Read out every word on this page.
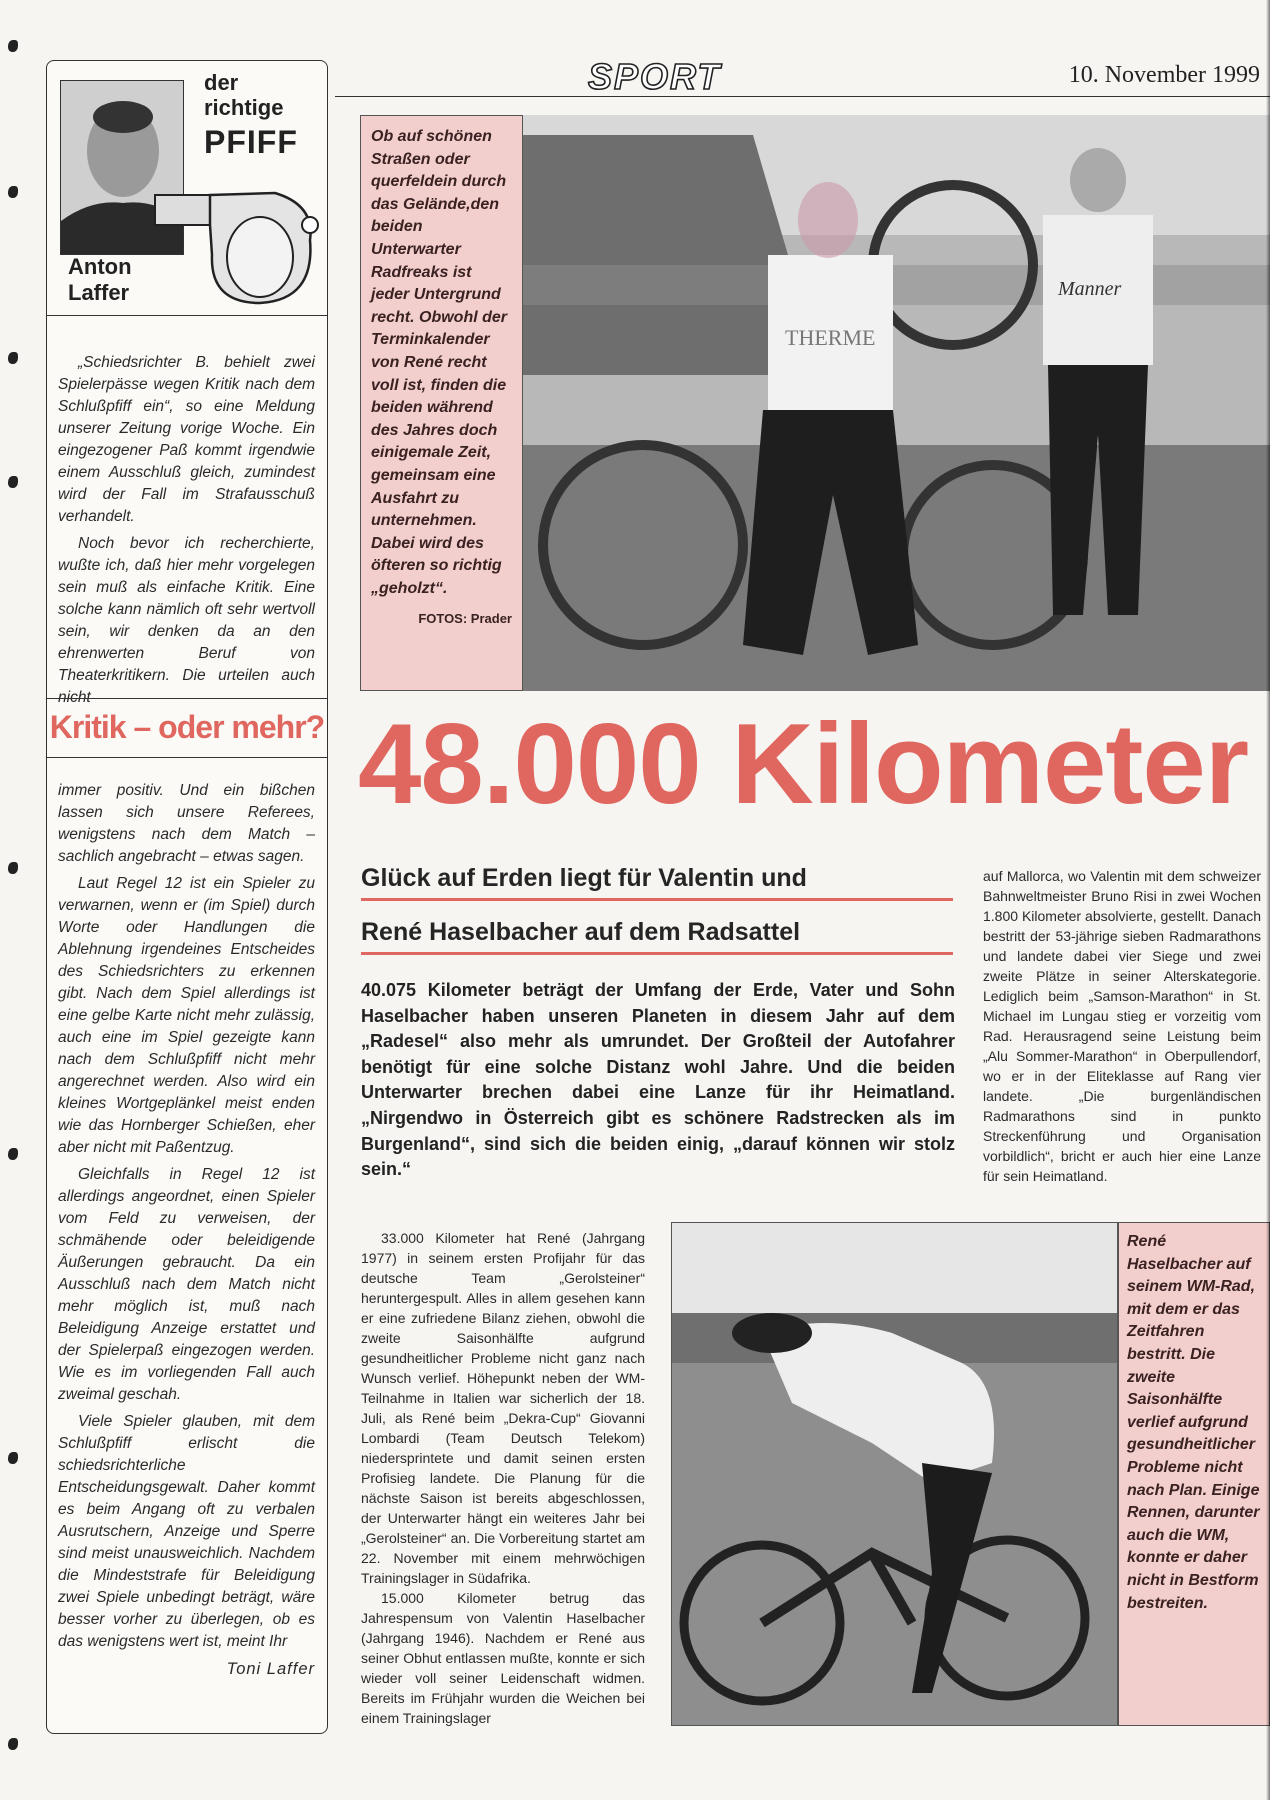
der
richtige
PFIFF
Anton
Laffer

„Schiedsrichter B. behielt zwei Spielerpässe wegen Kritik nach dem Schlußpfiff ein“, so eine Meldung unserer Zeitung vorige Woche. Ein eingezogener Paß kommt irgendwie einem Ausschluß gleich, zumindest wird der Fall im Strafausschuß verhandelt.

Noch bevor ich recherchierte, wußte ich, daß hier mehr vorgelegen sein muß als einfache Kritik. Eine solche kann nämlich oft sehr wertvoll sein, wir denken da an den ehrenwerten Beruf von Theaterkritikern. Die urteilen auch nicht

Kritik – oder mehr?

immer positiv. Und ein bißchen lassen sich unsere Referees, wenigstens nach dem Match – sachlich angebracht – etwas sagen.

Laut Regel 12 ist ein Spieler zu verwarnen, wenn er (im Spiel) durch Worte oder Handlungen die Ablehnung irgendeines Entscheides des Schiedsrichters zu erkennen gibt. Nach dem Spiel allerdings ist eine gelbe Karte nicht mehr zulässig, auch eine im Spiel gezeigte kann nach dem Schlußpfiff nicht mehr angerechnet werden. Also wird ein kleines Wortgeplänkel meist enden wie das Hornberger Schießen, eher aber nicht mit Paßentzug.

Gleichfalls in Regel 12 ist allerdings angeordnet, einen Spieler vom Feld zu verweisen, der schmähende oder beleidigende Äußerungen gebraucht. Da ein Ausschluß nach dem Match nicht mehr möglich ist, muß nach Beleidigung Anzeige erstattet und der Spielerpaß eingezogen werden. Wie es im vorliegenden Fall auch zweimal geschah.

Viele Spieler glauben, mit dem Schlußpfiff erlischt die schiedsrichterliche Entscheidungsgewalt. Daher kommt es beim Angang oft zu verbalen Ausrutschern, Anzeige und Sperre sind meist unausweichlich. Nachdem die Mindeststrafe für Beleidigung zwei Spiele unbedingt beträgt, wäre besser vorher zu überlegen, ob es das wenigstens wert ist, meint Ihr

Toni Laffer
SPORT	10. November 1999
Ob auf schönen Straßen oder querfeldein durch das Gelände,den beiden Unterwarter Radfreaks ist jeder Untergrund recht. Obwohl der Terminkalender von René recht voll ist, finden die beiden während des Jahres doch einigemale Zeit, gemeinsam eine Ausfahrt zu unternehmen. Dabei wird des öfteren so richtig „geholzt“.
FOTOS: Prader
THERME
Manner
48.000 Kilometer
Glück auf Erden liegt für Valentin und
René Haselbacher auf dem Radsattel
40.075 Kilometer beträgt der Umfang der Erde, Vater und Sohn Haselbacher haben unseren Planeten in diesem Jahr auf dem „Radesel“ also mehr als umrundet. Der Großteil der Autofahrer benötigt für eine solche Distanz wohl Jahre. Und die beiden Unterwarter brechen dabei eine Lanze für ihr Heimatland. „Nirgendwo in Österreich gibt es schönere Radstrecken als im Burgenland“, sind sich die beiden einig, „darauf können wir stolz sein.“

auf Mallorca, wo Valentin mit dem schweizer Bahnweltmeister Bruno Risi in zwei Wochen 1.800 Kilometer absolvierte, gestellt. Danach bestritt der 53-jährige sieben Radmarathons und landete dabei vier Siege und zwei zweite Plätze in seiner Alterskategorie. Lediglich beim „Samson-Marathon“ in St. Michael im Lungau stieg er vorzeitig vom Rad. Herausragend seine Leistung beim „Alu Sommer-Marathon“ in Oberpullendorf, wo er in der Eliteklasse auf Rang vier landete. „Die burgenländischen Radmarathons sind in punkto Streckenführung und Organisation vorbildlich“, bricht er auch hier eine Lanze für sein Heimatland.

33.000 Kilometer hat René (Jahrgang 1977) in seinem ersten Profijahr für das deutsche Team „Gerolsteiner“ heruntergespult. Alles in allem gesehen kann er eine zufriedene Bilanz ziehen, obwohl die zweite Saisonhälfte aufgrund gesundheitlicher Probleme nicht ganz nach Wunsch verlief. Höhepunkt neben der WM-Teilnahme in Italien war sicherlich der 18. Juli, als René beim „Dekra-Cup“ Giovanni Lombardi (Team Deutsch Telekom) niedersprintete und damit seinen ersten Profisieg landete. Die Planung für die nächste Saison ist bereits abgeschlossen, der Unterwarter hängt ein weiteres Jahr bei „Gerolsteiner“ an. Die Vorbereitung startet am 22. November mit einem mehrwöchigen Trainingslager in Südafrika.

15.000 Kilometer betrug das Jahrespensum von Valentin Haselbacher (Jahrgang 1946). Nachdem er René aus seiner Obhut entlassen mußte, konnte er sich wieder voll seiner Leidenschaft widmen. Bereits im Frühjahr wurden die Weichen bei einem Trainingslager

René Haselbacher auf seinem WM-Rad, mit dem er das Zeitfahren bestritt. Die zweite Saisonhälfte verlief aufgrund gesundheitlicher Probleme nicht nach Plan. Einige Rennen, darunter auch die WM, konnte er daher nicht in Bestform bestreiten.
